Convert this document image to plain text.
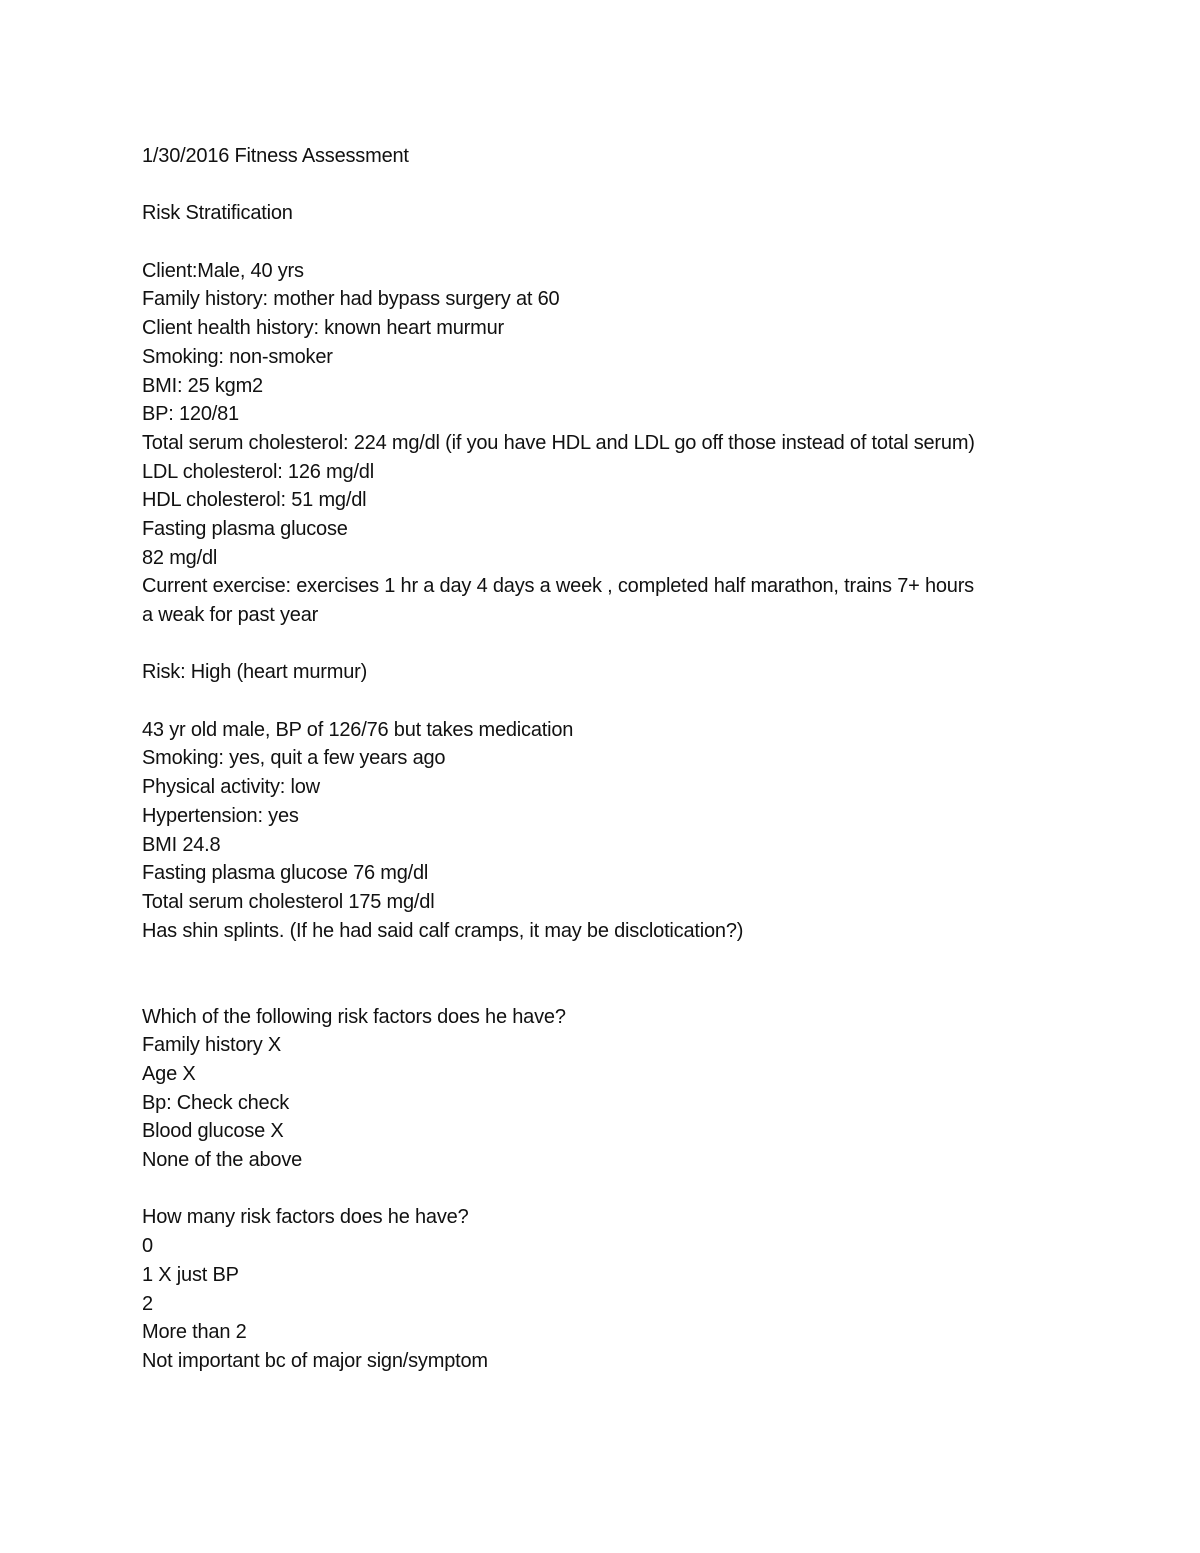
1/30/2016 Fitness Assessment
Risk Stratification
Client:Male, 40 yrs
Family history: mother had bypass surgery at 60
Client health history: known heart murmur
Smoking: non-smoker
BMI: 25 kgm2
BP: 120/81
Total serum cholesterol: 224 mg/dl (if you have HDL and LDL go off those instead of total serum)
LDL cholesterol: 126 mg/dl
HDL cholesterol: 51 mg/dl
Fasting plasma glucose
82 mg/dl
Current exercise: exercises 1 hr a day 4 days a week , completed half marathon, trains 7+ hours
a weak for past year
Risk: High (heart murmur)
43 yr old male, BP of 126/76 but takes medication
Smoking: yes, quit a few years ago
Physical activity: low
Hypertension: yes
BMI 24.8
Fasting plasma glucose 76 mg/dl
Total serum cholesterol 175 mg/dl
Has shin splints. (If he had said calf cramps, it may be disclotication?)
Which of the following risk factors does he have?
Family history X
Age X
Bp: Check check
Blood glucose X
None of the above
How many risk factors does he have?
0
1 X just BP
2
More than 2
Not important bc of major sign/symptom
